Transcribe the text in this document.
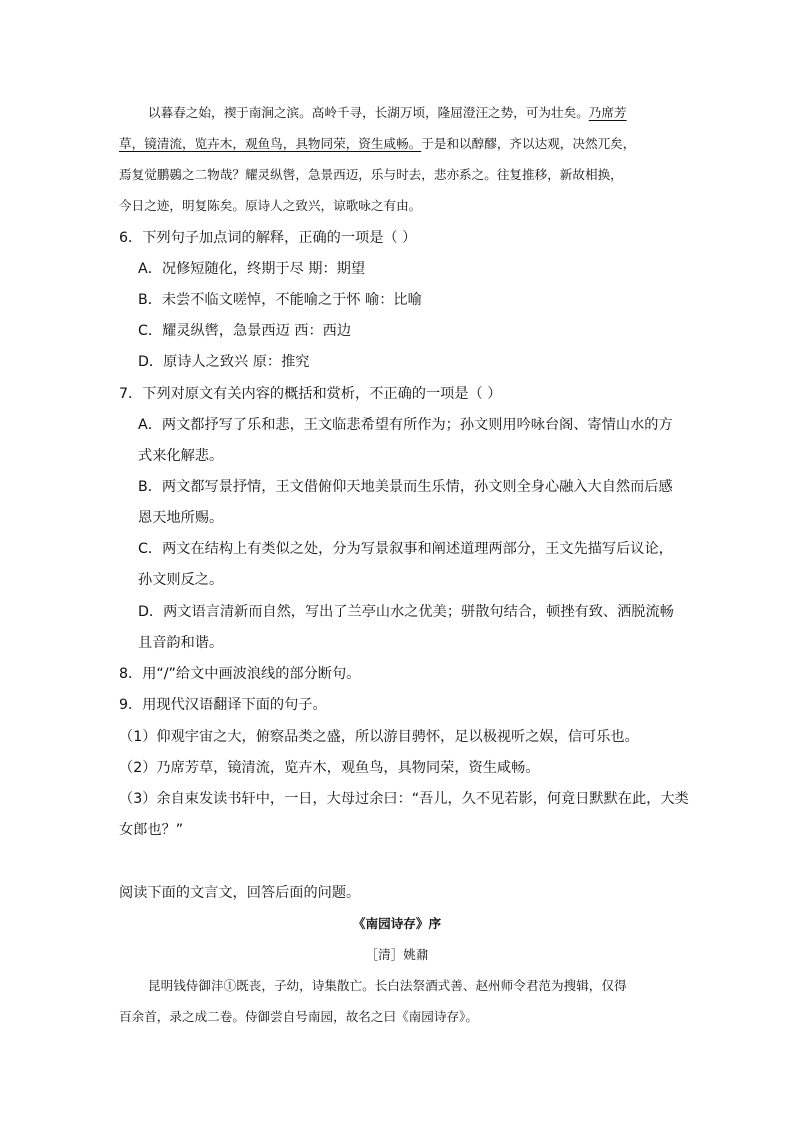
以暮春之始，禊于南涧之滨。高岭千寻，长湖万顷，隆屈澄汪之势，可为壮矣。乃席芳
草，镜清流，览卉木，观鱼鸟，具物同荣，资生咸畅。于是和以醇醪，齐以达观，决然兀矣，
焉复觉鹏鷃之二物哉？耀灵纵辔，急景西迈，乐与时去，悲亦系之。往复推移，新故相换，
今日之迹，明复陈矣。原诗人之致兴，谅歌咏之有由。
6．下列句子加点词的解释，正确的一项是（ ）
A．况修短随化，终期于尽 期：期望
B．未尝不临文嗟悼，不能喻之于怀 喻：比喻
C．耀灵纵辔，急景西迈 西：西边
D．原诗人之致兴 原：推究
7．下列对原文有关内容的概括和赏析，不正确的一项是（ ）
A．两文都抒写了乐和悲，王文临悲希望有所作为；孙文则用吟咏台阁、寄情山水的方
式来化解悲。
B．两文都写景抒情，王文借俯仰天地美景而生乐情，孙文则全身心融入大自然而后感
恩天地所赐。
C．两文在结构上有类似之处，分为写景叙事和阐述道理两部分，王文先描写后议论，
孙文则反之。
D．两文语言清新而自然，写出了兰亭山水之优美；骈散句结合，顿挫有致、洒脱流畅
且音韵和谐。
8．用“/”给文中画波浪线的部分断句。
9．用现代汉语翻译下面的句子。
（1）仰观宇宙之大，俯察品类之盛，所以游目骋怀，足以极视听之娱，信可乐也。
（2）乃席芳草，镜清流，览卉木，观鱼鸟，具物同荣，资生咸畅。
（3）余自束发读书轩中，一日，大母过余曰：“吾儿，久不见若影，何竟日默默在此，大类
女郎也？”
阅读下面的文言文，回答后面的问题。
《南园诗存》序
［清］姚鼐
昆明钱侍御沣①既丧，子幼，诗集散亡。长白法祭酒式善、赵州师令君范为搜辑，仅得
百余首，录之成二卷。侍御尝自号南园，故名之曰《南园诗存》。
